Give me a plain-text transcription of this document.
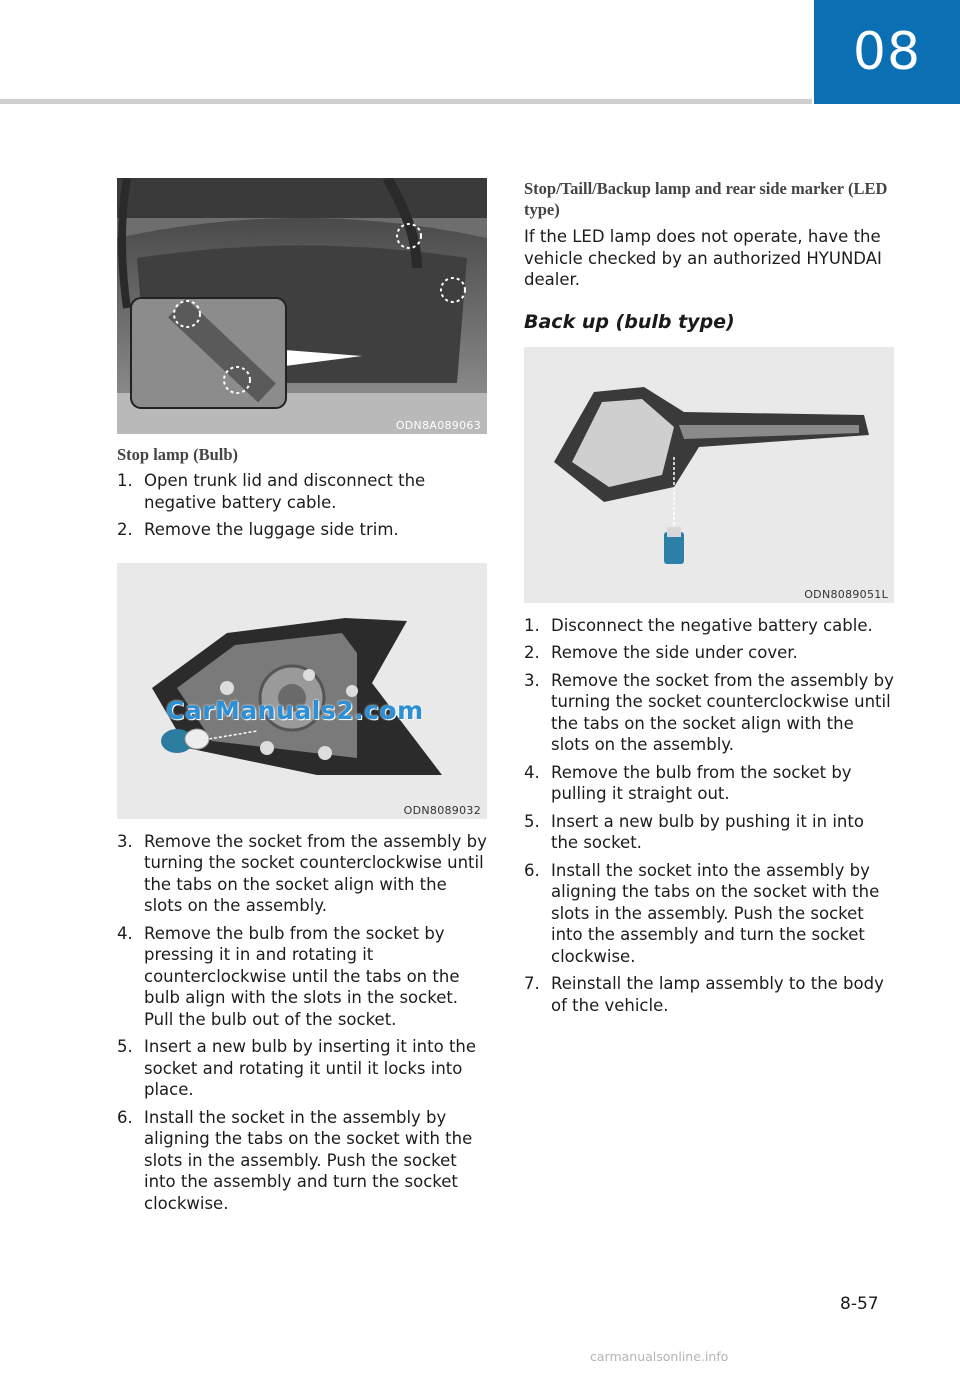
08
ODN8A089063

Stop lamp (Bulb)

1. Open trunk lid and disconnect the negative battery cable.
2. Remove the luggage side trim.
ODN8089032
3. Remove the socket from the assembly by turning the socket counterclockwise until the tabs on the socket align with the slots on the assembly.
4. Remove the bulb from the socket by pressing it in and rotating it counterclockwise until the tabs on the bulb align with the slots in the socket. Pull the bulb out of the socket.
5. Insert a new bulb by inserting it into the socket and rotating it until it locks into place.
6. Install the socket in the assembly by aligning the tabs on the socket with the slots in the assembly. Push the socket into the assembly and turn the socket clockwise.
CarManuals2.com

Stop/Taill/Backup lamp and rear side marker (LED type)

If the LED lamp does not operate, have the vehicle checked by an authorized HYUNDAI dealer.

Back up (bulb type)

ODN8089051L
1. Disconnect the negative battery cable.
2. Remove the side under cover.
3. Remove the socket from the assembly by turning the socket counterclockwise until the tabs on the socket align with the slots on the assembly.
4. Remove the bulb from the socket by pulling it straight out.
5. Insert a new bulb by pushing it in into the socket.
6. Install the socket into the assembly by aligning the tabs on the socket with the slots in the assembly. Push the socket into the assembly and turn the socket clockwise.
7. Reinstall the lamp assembly to the body of the vehicle.
8-57
carmanualsonline.info
